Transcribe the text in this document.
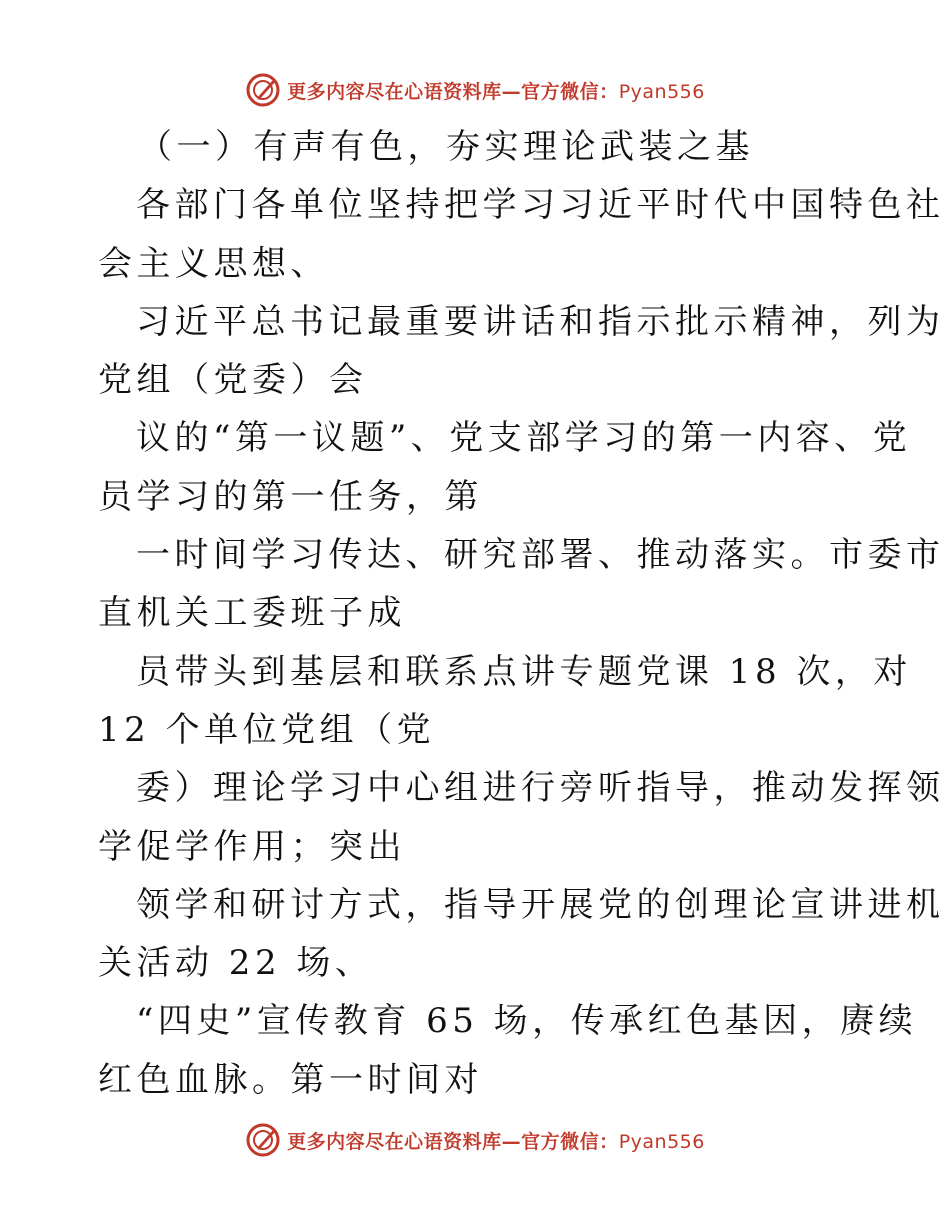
更多内容尽在心语资料库—官方微信：Pyan556
（一）有声有色，夯实理论武装之基
各部门各单位坚持把学习习近平时代中国特色社
会主义思想、
习近平总书记最重要讲话和指示批示精神，列为
党组（党委）会
议的“第一议题”、党支部学习的第一内容、党
员学习的第一任务，第
一时间学习传达、研究部署、推动落实。市委市
直机关工委班子成
员带头到基层和联系点讲专题党课 18 次，对
12 个单位党组（党
委）理论学习中心组进行旁听指导，推动发挥领
学促学作用；突出
领学和研讨方式，指导开展党的创理论宣讲进机
关活动 22 场、
“四史”宣传教育 65 场，传承红色基因，赓续
红色血脉。第一时间对
更多内容尽在心语资料库—官方微信：Pyan556
